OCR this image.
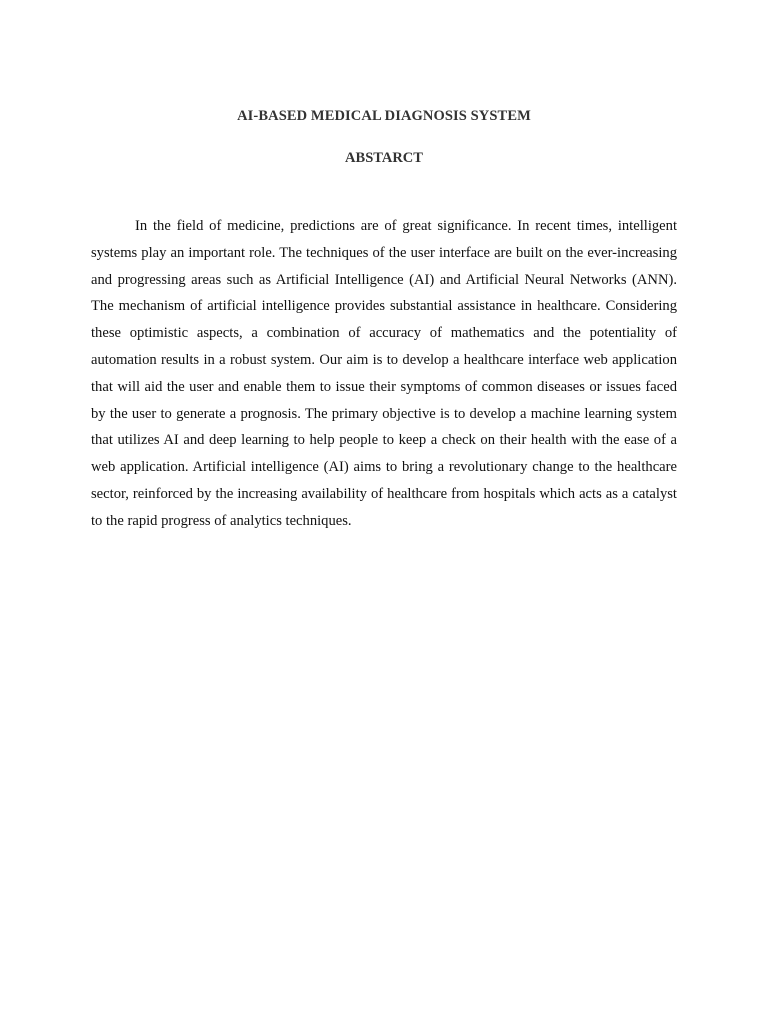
AI-BASED MEDICAL DIAGNOSIS SYSTEM
ABSTARCT

In the field of medicine, predictions are of great significance. In recent times, intelligent systems play an important role. The techniques of the user interface are built on the ever-increasing and progressing areas such as Artificial Intelligence (AI) and Artificial Neural Networks (ANN). The mechanism of artificial intelligence provides substantial assistance in healthcare. Considering these optimistic aspects, a combination of accuracy of mathematics and the potentiality of automation results in a robust system. Our aim is to develop a healthcare interface web application that will aid the user and enable them to issue their symptoms of common diseases or issues faced by the user to generate a prognosis. The primary objective is to develop a machine learning system that utilizes AI and deep learning to help people to keep a check on their health with the ease of a web application. Artificial intelligence (AI) aims to bring a revolutionary change to the healthcare sector, reinforced by the increasing availability of healthcare from hospitals which acts as a catalyst to the rapid progress of analytics techniques.
